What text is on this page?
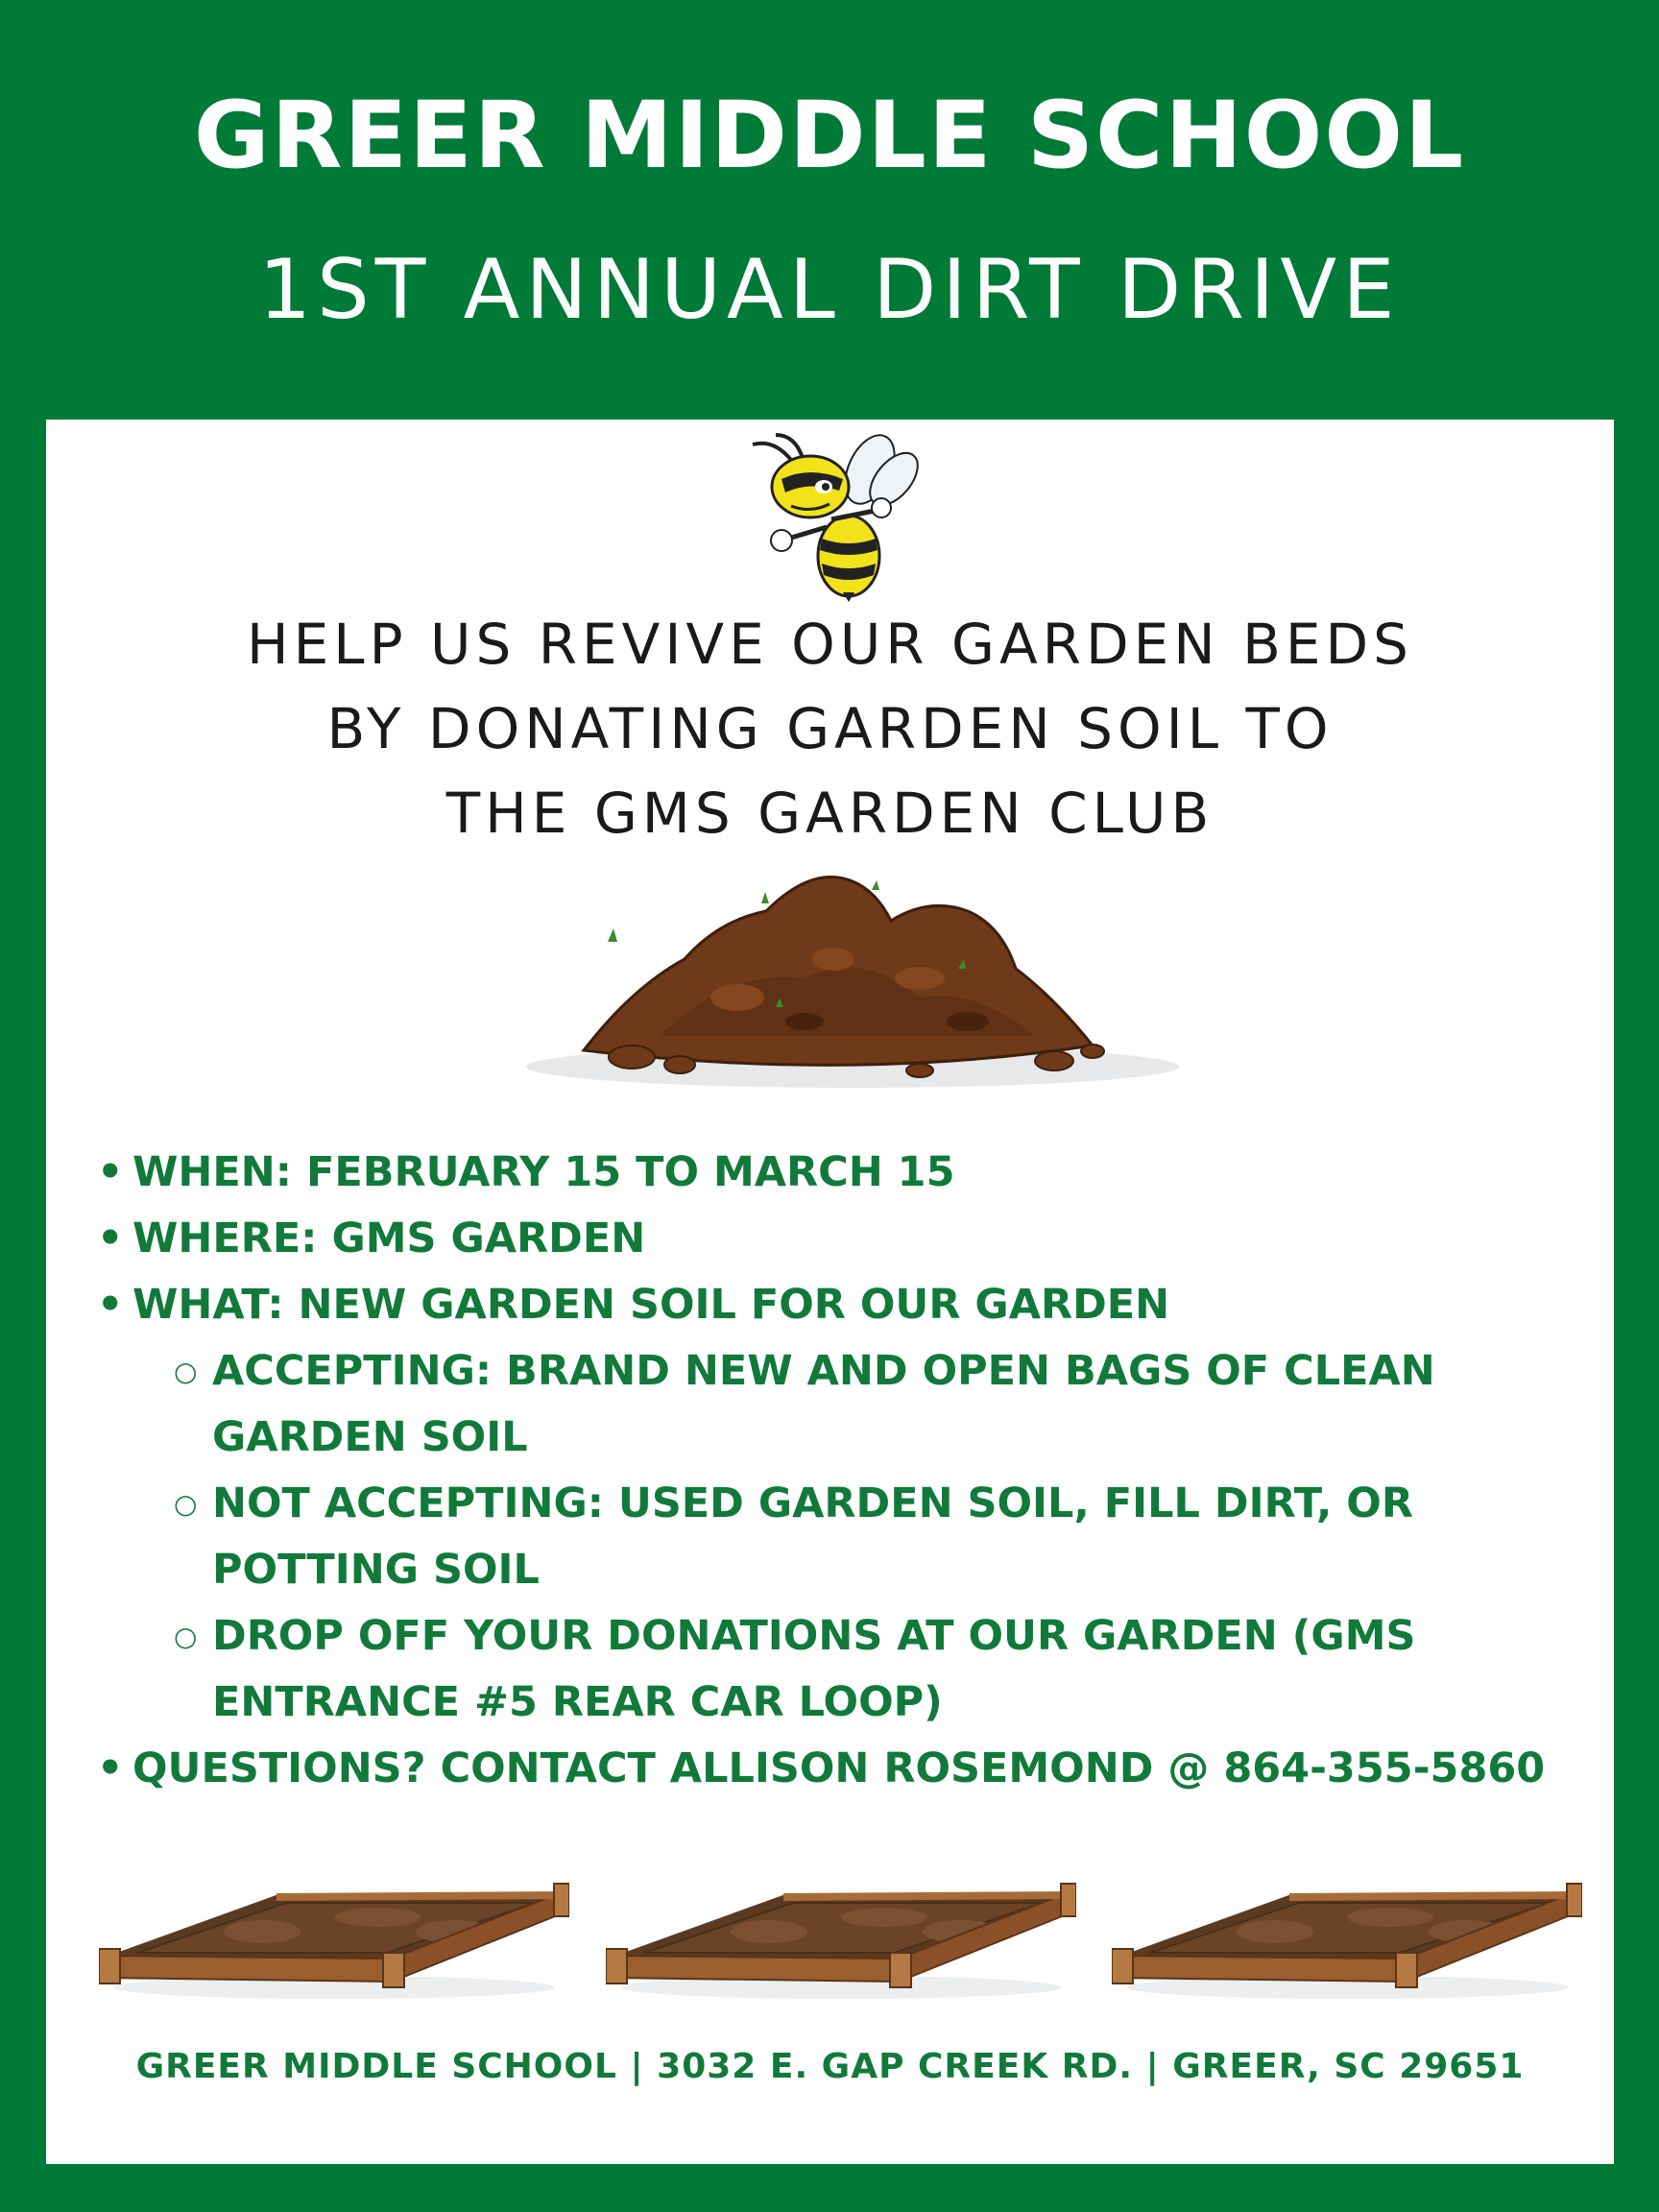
GREER MIDDLE SCHOOL
1ST ANNUAL DIRT DRIVE
HELP US REVIVE OUR GARDEN BEDS
BY DONATING GARDEN SOIL TO
THE GMS GARDEN CLUB
• WHEN: FEBRUARY 15 TO MARCH 15
• WHERE: GMS GARDEN
• WHAT: NEW GARDEN SOIL FOR OUR GARDEN
○ ACCEPTING: BRAND NEW AND OPEN BAGS OF CLEAN
GARDEN SOIL
○ NOT ACCEPTING: USED GARDEN SOIL, FILL DIRT, OR
POTTING SOIL
○ DROP OFF YOUR DONATIONS AT OUR GARDEN (GMS
ENTRANCE #5 REAR CAR LOOP)
• QUESTIONS? CONTACT ALLISON ROSEMOND @ 864-355-5860
GREER MIDDLE SCHOOL | 3032 E. GAP CREEK RD. | GREER, SC 29651
